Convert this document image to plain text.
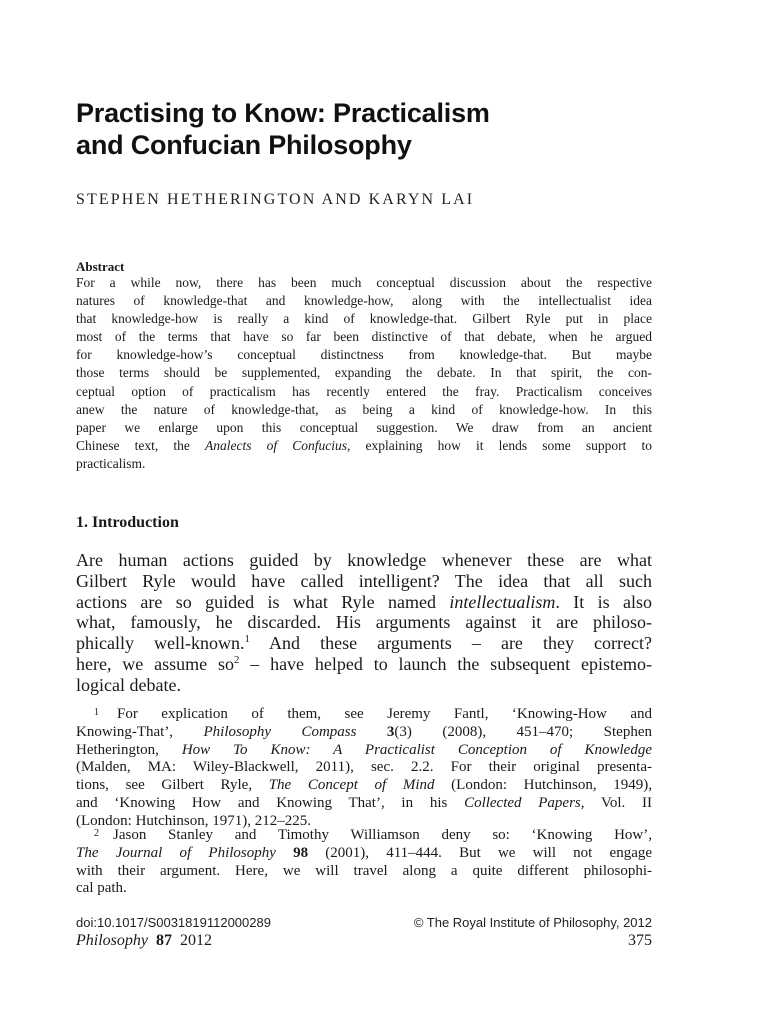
Practising to Know: Practicalism
and Confucian Philosophy
STEPHEN HETHERINGTON AND KARYN LAI
Abstract

For a while now, there has been much conceptual discussion about the respective
natures of knowledge-that and knowledge-how, along with the intellectualist idea
that knowledge-how is really a kind of knowledge-that. Gilbert Ryle put in place
most of the terms that have so far been distinctive of that debate, when he argued
for knowledge-how’s conceptual distinctness from knowledge-that. But maybe
those terms should be supplemented, expanding the debate. In that spirit, the con-
ceptual option of practicalism has recently entered the fray. Practicalism conceives
anew the nature of knowledge-that, as being a kind of knowledge-how. In this
paper we enlarge upon this conceptual suggestion. We draw from an ancient
Chinese text, the Analects of Confucius, explaining how it lends some support to
practicalism.

1. Introduction

Are human actions guided by knowledge whenever these are what
Gilbert Ryle would have called intelligent? The idea that all such
actions are so guided is what Ryle named intellectualism. It is also
what, famously, he discarded. His arguments against it are philoso-
phically well-known.$^1$ And these arguments – are they correct?
here, we assume $so^2$ – have helped to launch the subsequent epistemo-
logical debate.

$^1$ For explication of them, see Jeremy Fantl, ‘Knowing-How and
Knowing-That’, Philosophy Compass 3(3) (2008), 451–470; Stephen
Hetherington, How To Know: A Practicalist Conception of Knowledge
(Malden, MA: Wiley-Blackwell, 2011), sec. 2.2. For their original presenta-
tions, see Gilbert Ryle, The Concept of Mind (London: Hutchinson, 1949),
and ‘Knowing How and Knowing That’, in his Collected Papers, Vol. II
(London: Hutchinson, 1971), 212–225.
$^2$ Jason Stanley and Timothy Williamson deny so: ‘Knowing How’,
The Journal of Philosophy 98 (2001), 411–444. But we will not engage
with their argument. Here, we will travel along a quite different philosophi-
cal path.
doi:10.1017/S0031819112000289	© The Royal Institute of Philosophy, 2012
Philosophy 87 2012	375
